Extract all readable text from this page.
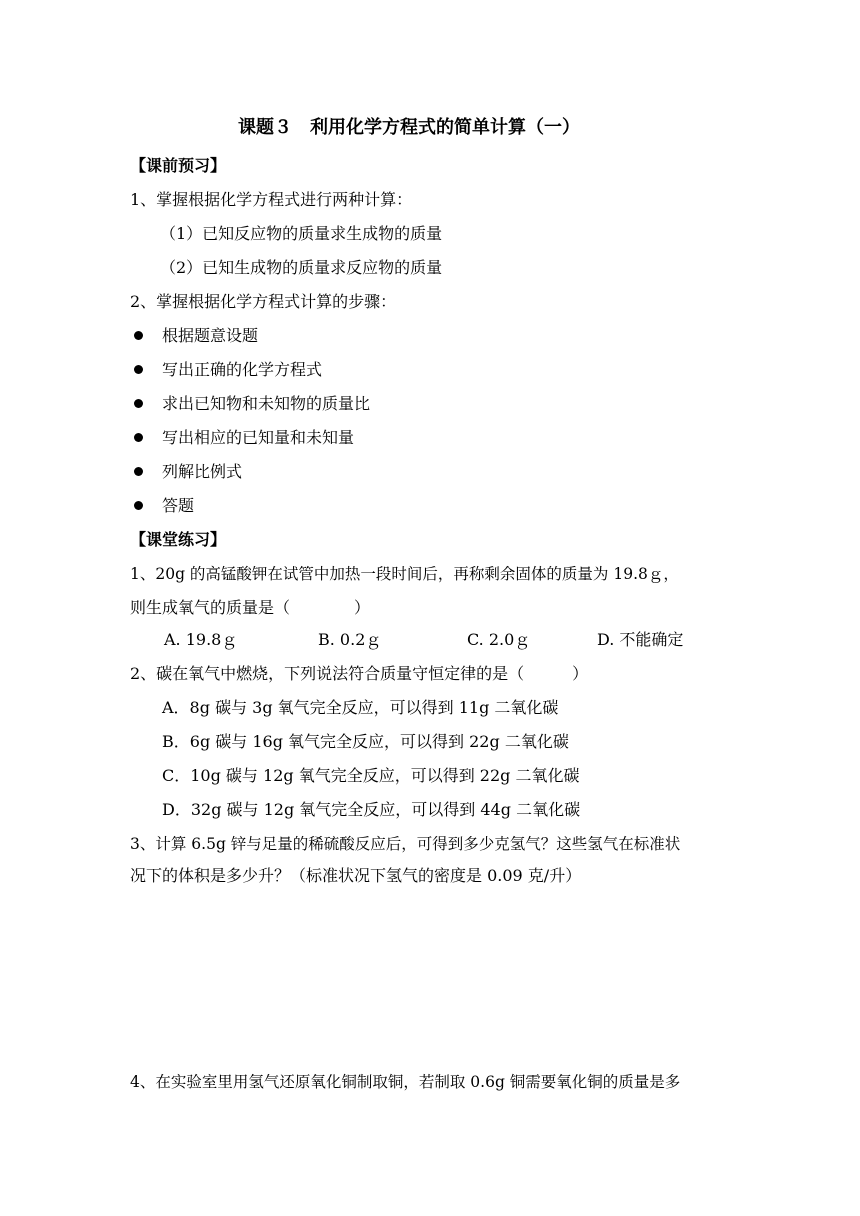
课题３　利用化学方程式的简单计算（一）
【课前预习】
1、掌握根据化学方程式进行两种计算：
（1）已知反应物的质量求生成物的质量
（2）已知生成物的质量求反应物的质量
2、掌握根据化学方程式计算的步骤：
根据题意设题
写出正确的化学方程式
求出已知物和未知物的质量比
写出相应的已知量和未知量
列解比例式
答题
【课堂练习】
1、20g 的高锰酸钾在试管中加热一段时间后，再称剩余固体的质量为 19.8ｇ，
则生成氧气的质量是（　　　　）
A. 19.8ｇ	B. 0.2ｇ	C. 2.0ｇ	D. 不能确定
2、碳在氧气中燃烧，下列说法符合质量守恒定律的是（　　　）
A．8g 碳与 3g 氧气完全反应，可以得到 11g 二氧化碳
B．6g 碳与 16g 氧气完全反应，可以得到 22g 二氧化碳
C．10g 碳与 12g 氧气完全反应，可以得到 22g 二氧化碳
D．32g 碳与 12g 氧气完全反应，可以得到 44g 二氧化碳
3、计算 6.5g 锌与足量的稀硫酸反应后，可得到多少克氢气？这些氢气在标准状
况下的体积是多少升？（标准状况下氢气的密度是 0.09 克/升）
4、在实验室里用氢气还原氧化铜制取铜，若制取 0.6g 铜需要氧化铜的质量是多
